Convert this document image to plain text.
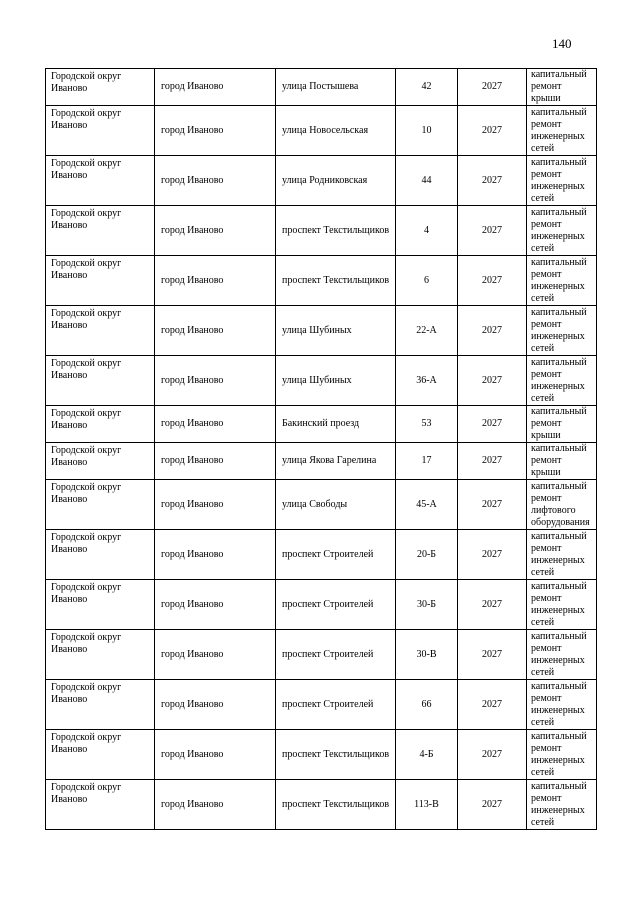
140
Городской округ Иваново	город Иваново	улица Постышева	42	2027	капитальный ремонт крыши
Городской округ Иваново	город Иваново	улица Новосельская	10	2027	капитальный ремонт инженерных сетей
Городской округ Иваново	город Иваново	улица Родниковская	44	2027	капитальный ремонт инженерных сетей
Городской округ Иваново	город Иваново	проспект Текстильщиков	4	2027	капитальный ремонт инженерных сетей
Городской округ Иваново	город Иваново	проспект Текстильщиков	6	2027	капитальный ремонт инженерных сетей
Городской округ Иваново	город Иваново	улица Шубиных	22-А	2027	капитальный ремонт инженерных сетей
Городской округ Иваново	город Иваново	улица Шубиных	36-А	2027	капитальный ремонт инженерных сетей
Городской округ Иваново	город Иваново	Бакинский проезд	53	2027	капитальный ремонт крыши
Городской округ Иваново	город Иваново	улица Якова Гарелина	17	2027	капитальный ремонт крыши
Городской округ Иваново	город Иваново	улица Свободы	45-А	2027	капитальный ремонт лифтового оборудования
Городской округ Иваново	город Иваново	проспект Строителей	20-Б	2027	капитальный ремонт инженерных сетей
Городской округ Иваново	город Иваново	проспект Строителей	30-Б	2027	капитальный ремонт инженерных сетей
Городской округ Иваново	город Иваново	проспект Строителей	30-В	2027	капитальный ремонт инженерных сетей
Городской округ Иваново	город Иваново	проспект Строителей	66	2027	капитальный ремонт инженерных сетей
Городской округ Иваново	город Иваново	проспект Текстильщиков	4-Б	2027	капитальный ремонт инженерных сетей
Городской округ Иваново	город Иваново	проспект Текстильщиков	113-В	2027	капитальный ремонт инженерных сетей
